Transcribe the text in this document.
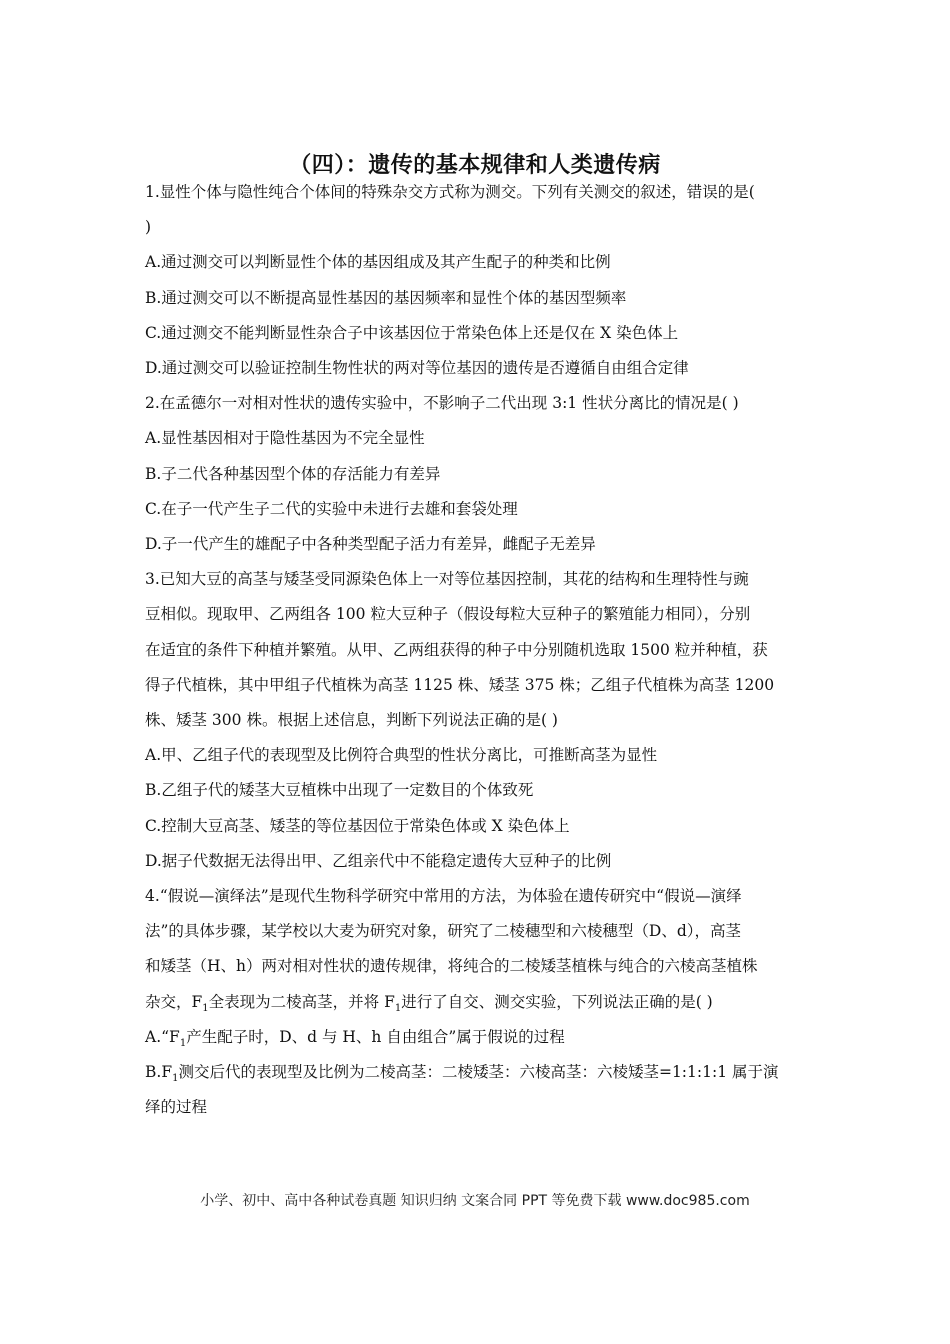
（四）：遗传的基本规律和人类遗传病
1.显性个体与隐性纯合个体间的特殊杂交方式称为测交。下列有关测交的叙述，错误的是(
)
A.通过测交可以判断显性个体的基因组成及其产生配子的种类和比例
B.通过测交可以不断提高显性基因的基因频率和显性个体的基因型频率
C.通过测交不能判断显性杂合子中该基因位于常染色体上还是仅在 X 染色体上
D.通过测交可以验证控制生物性状的两对等位基因的遗传是否遵循自由组合定律
2.在孟德尔一对相对性状的遗传实验中，不影响子二代出现 3:1 性状分离比的情况是( )
A.显性基因相对于隐性基因为不完全显性
B.子二代各种基因型个体的存活能力有差异
C.在子一代产生子二代的实验中未进行去雄和套袋处理
D.子一代产生的雄配子中各种类型配子活力有差异，雌配子无差异
3.已知大豆的高茎与矮茎受同源染色体上一对等位基因控制，其花的结构和生理特性与豌
豆相似。现取甲、乙两组各 100 粒大豆种子（假设每粒大豆种子的繁殖能力相同），分别
在适宜的条件下种植并繁殖。从甲、乙两组获得的种子中分别随机选取 1500 粒并种植，获
得子代植株，其中甲组子代植株为高茎 1125 株、矮茎 375 株；乙组子代植株为高茎 1200
株、矮茎 300 株。根据上述信息，判断下列说法正确的是( )
A.甲、乙组子代的表现型及比例符合典型的性状分离比，可推断高茎为显性
B.乙组子代的矮茎大豆植株中出现了一定数目的个体致死
C.控制大豆高茎、矮茎的等位基因位于常染色体或 X 染色体上
D.据子代数据无法得出甲、乙组亲代中不能稳定遗传大豆种子的比例
4.“假说—演绎法”是现代生物科学研究中常用的方法，为体验在遗传研究中“假说—演绎
法”的具体步骤，某学校以大麦为研究对象，研究了二棱穗型和六棱穗型（D、d），高茎
和矮茎（H、h）两对相对性状的遗传规律，将纯合的二棱矮茎植株与纯合的六棱高茎植株
杂交，$F_1$全表现为二棱高茎，并将 $F_1$进行了自交、测交实验，下列说法正确的是( )
$A.“F_1$产生配子时，D、d 与 H、h 自由组合”属于假说的过程
$B.F_1$测交后代的表现型及比例为二棱高茎：二棱矮茎：六棱高茎：六棱矮茎=1:1:1:1 属于演
绎的过程
小学、初中、高中各种试卷真题 知识归纳 文案合同 PPT 等免费下载 www.doc985.com
